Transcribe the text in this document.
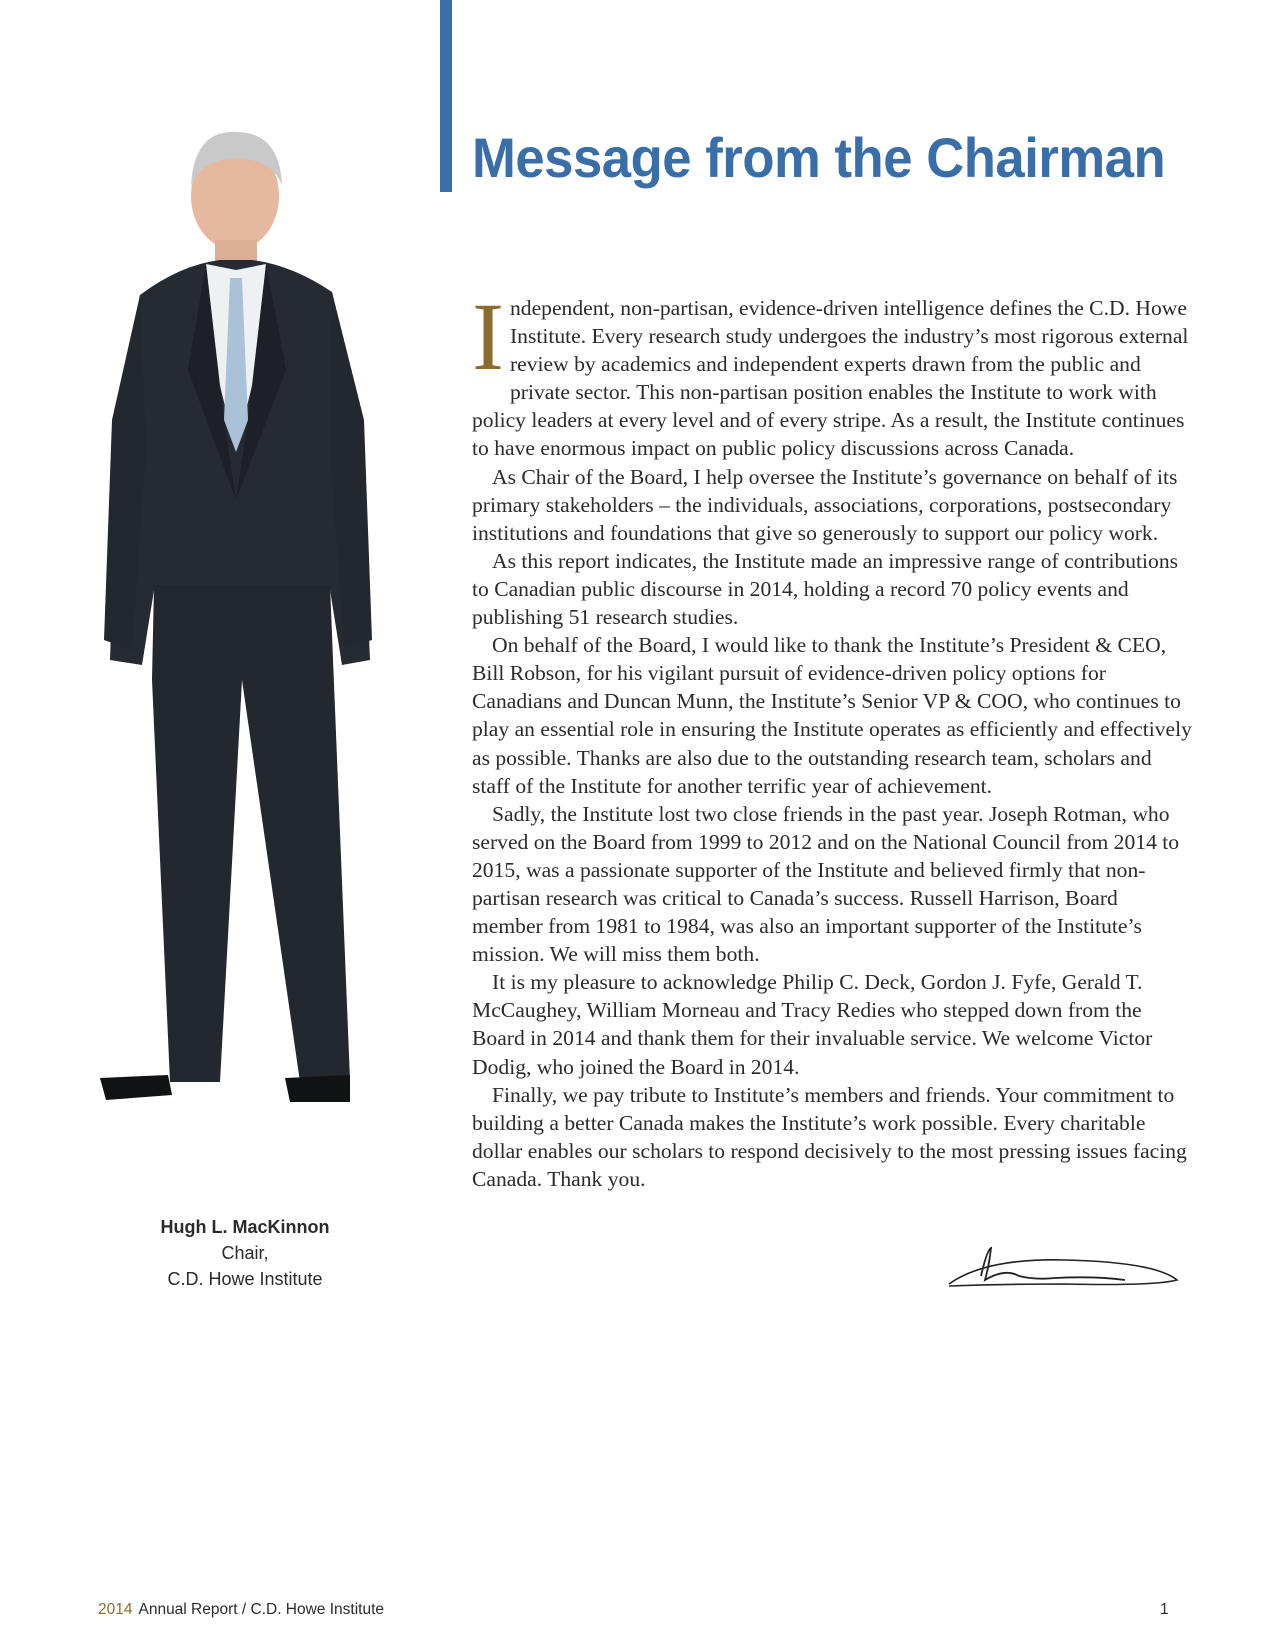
Message from the Chairman
Hugh L. MacKinnon
Chair,
C.D. Howe Institute

Independent, non-partisan, evidence-driven intelligence defines the C.D. Howe Institute. Every research study undergoes the industry’s most rigorous external review by academics and independent experts drawn from the public and private sector. This non-partisan position enables the Institute to work with policy leaders at every level and of every stripe. As a result, the Institute continues to have enormous impact on public policy discussions across Canada.

As Chair of the Board, I help oversee the Institute’s governance on behalf of its primary stakeholders – the individuals, associations, corporations, postsecondary institutions and foundations that give so generously to support our policy work.

As this report indicates, the Institute made an impressive range of contributions to Canadian public discourse in 2014, holding a record 70 policy events and publishing 51 research studies.

On behalf of the Board, I would like to thank the Institute’s President & CEO, Bill Robson, for his vigilant pursuit of evidence-driven policy options for Canadians and Duncan Munn, the Institute’s Senior VP & COO, who continues to play an essential role in ensuring the Institute operates as efficiently and effectively as possible. Thanks are also due to the outstanding research team, scholars and staff of the Institute for another terrific year of achievement.

Sadly, the Institute lost two close friends in the past year. Joseph Rotman, who served on the Board from 1999 to 2012 and on the National Council from 2014 to 2015, was a passionate supporter of the Institute and believed firmly that non-partisan research was critical to Canada’s success. Russell Harrison, Board member from 1981 to 1984, was also an important supporter of the Institute’s mission. We will miss them both.

It is my pleasure to acknowledge Philip C. Deck, Gordon J. Fyfe, Gerald T. McCaughey, William Morneau and Tracy Redies who stepped down from the Board in 2014 and thank them for their invaluable service. We welcome Victor Dodig, who joined the Board in 2014.

Finally, we pay tribute to Institute’s members and friends. Your commitment to building a better Canada makes the Institute’s work possible. Every charitable dollar enables our scholars to respond decisively to the most pressing issues facing Canada. Thank you.

2014 Annual Report / C.D. Howe Institute	1
